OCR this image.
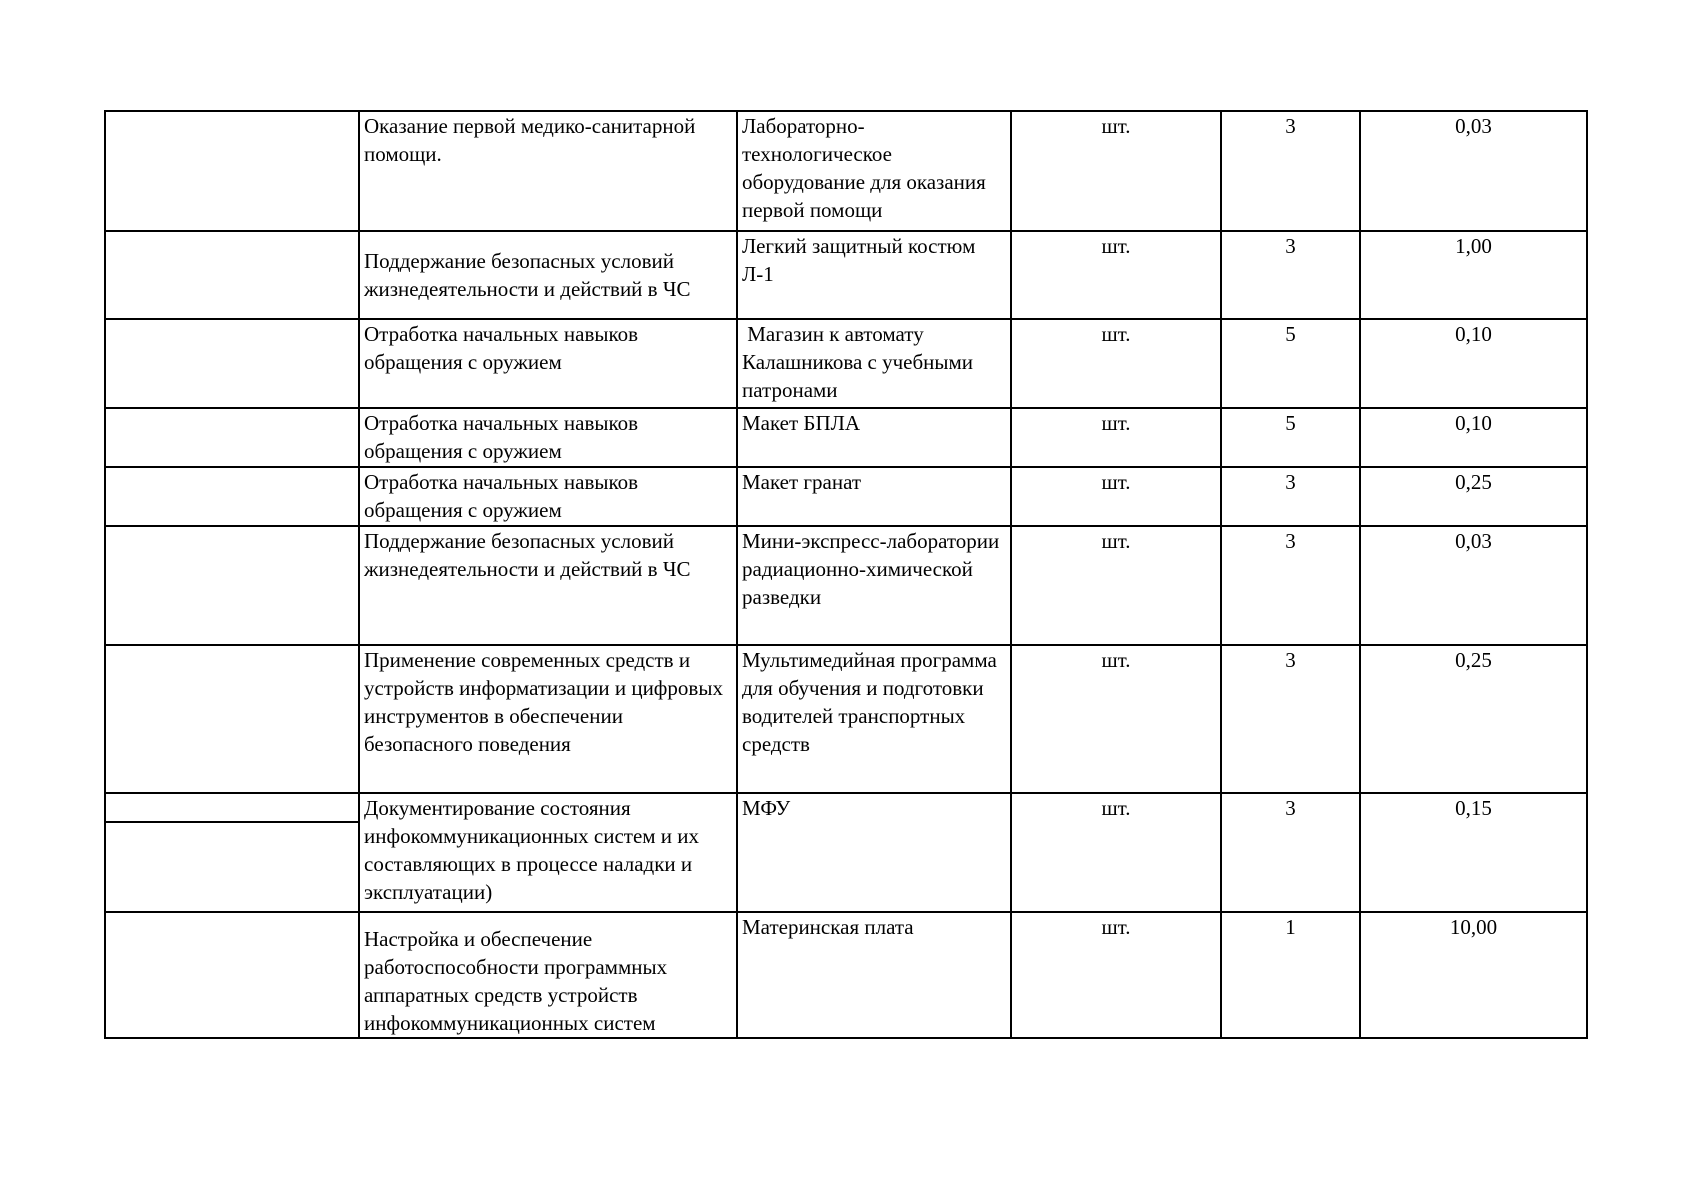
	Оказание первой медико-санитарной помощи.	Лабораторно-технологическое оборудование для оказания первой помощи	шт.	3	0,03
	Поддержание безопасных условий жизнедеятельности и действий в ЧС	Легкий защитный костюм Л-1	шт.	3	1,00
	Отработка начальных навыков обращения с оружием	Магазин к автомату Калашникова с учебными патронами	шт.	5	0,10
	Отработка начальных навыков обращения с оружием	Макет БПЛА	шт.	5	0,10
	Отработка начальных навыков обращения с оружием	Макет гранат	шт.	3	0,25
	Поддержание безопасных условий жизнедеятельности и действий в ЧС	Мини-экспресс-лаборатории радиационно-химической разведки	шт.	3	0,03
	Применение современных средств и устройств информатизации и цифровых инструментов в обеспечении безопасного поведения	Мультимедийная программа для обучения и подготовки водителей транспортных средств	шт.	3	0,25

	Документирование состояния инфокоммуникационных систем и их составляющих в процессе наладки и эксплуатации)	МФУ	шт.	3	0,15
	Настройка и обеспечение работоспособности программных аппаратных средств устройств инфокоммуникационных систем	Материнская плата	шт.	1	10,00
